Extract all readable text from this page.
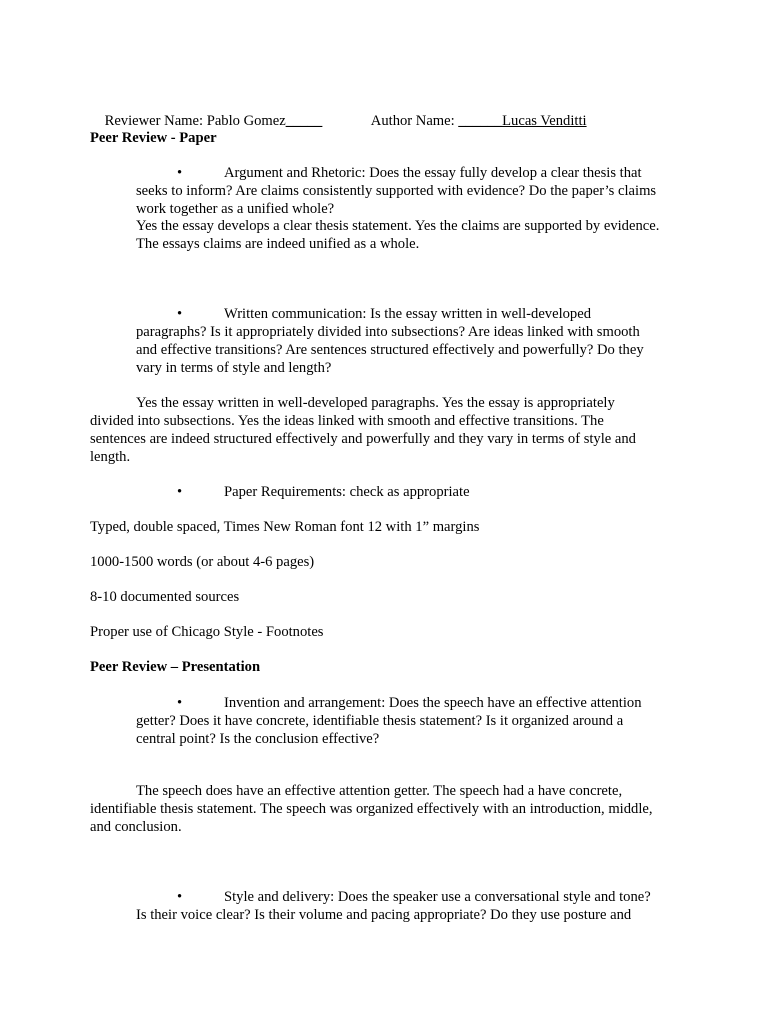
Reviewer Name: Pablo Gomez_____
	Author Name: ______Lucas Venditti

Peer Review - Paper
•	Argument and Rhetoric: Does the essay fully develop a clear thesis that
seeks to inform? Are claims consistently supported with evidence? Do the paper’s claims
work together as a unified whole?
Yes the essay develops a clear thesis statement. Yes the claims are supported by evidence.
The essays claims are indeed unified as a whole.
•	Written communication: Is the essay written in well-developed
paragraphs? Is it appropriately divided into subsections? Are ideas linked with smooth
and effective transitions? Are sentences structured effectively and powerfully? Do they
vary in terms of style and length?
Yes the essay written in well-developed paragraphs. Yes the essay is appropriately
divided into subsections. Yes the ideas linked with smooth and effective transitions. The
sentences are indeed structured effectively and powerfully and they vary in terms of style and
length.
•	Paper Requirements: check as appropriate
Typed, double spaced, Times New Roman font 12 with 1” margins
1000-1500 words (or about 4-6 pages)
8-10 documented sources
Proper use of Chicago Style - Footnotes
Peer Review – Presentation
•	Invention and arrangement: Does the speech have an effective attention
getter? Does it have concrete, identifiable thesis statement? Is it organized around a
central point? Is the conclusion effective?
The speech does have an effective attention getter. The speech had a have concrete,
identifiable thesis statement. The speech was organized effectively with an introduction, middle,
and conclusion.
•	Style and delivery: Does the speaker use a conversational style and tone?
Is their voice clear? Is their volume and pacing appropriate? Do they use posture and
